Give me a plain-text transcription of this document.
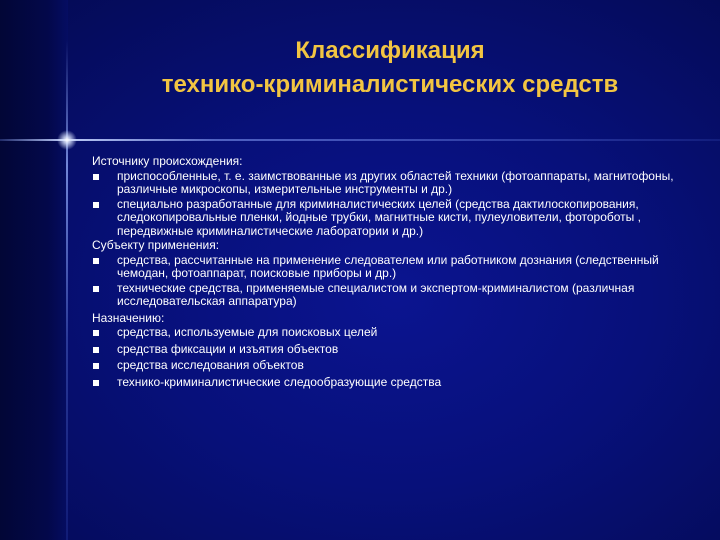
Классификация
технико-криминалистических средств
Источнику происхождения:
приспособленные, т. е. заимствованные из других областей техники (фотоаппараты, магнитофоны, различные микроскопы, измерительные инструменты и др.)
специально разработанные для криминалистических целей (средства дактилоскопирования, следокопировальные пленки, йодные трубки, магнитные кисти, пулеуловители, фотороботы , передвижные криминалистические лаборатории и др.)
Субъекту применения:
средства, рассчитанные на применение следователем или работником дознания (следственный чемодан, фотоаппарат, поисковые приборы и др.)
технические средства, применяемые специалистом и экспертом-криминалистом (различная исследовательская аппаратура)
Назначению:
средства, используемые для поисковых целей
средства фиксации и изъятия объектов
средства исследования объектов
технико-криминалистические следообразующие средства
